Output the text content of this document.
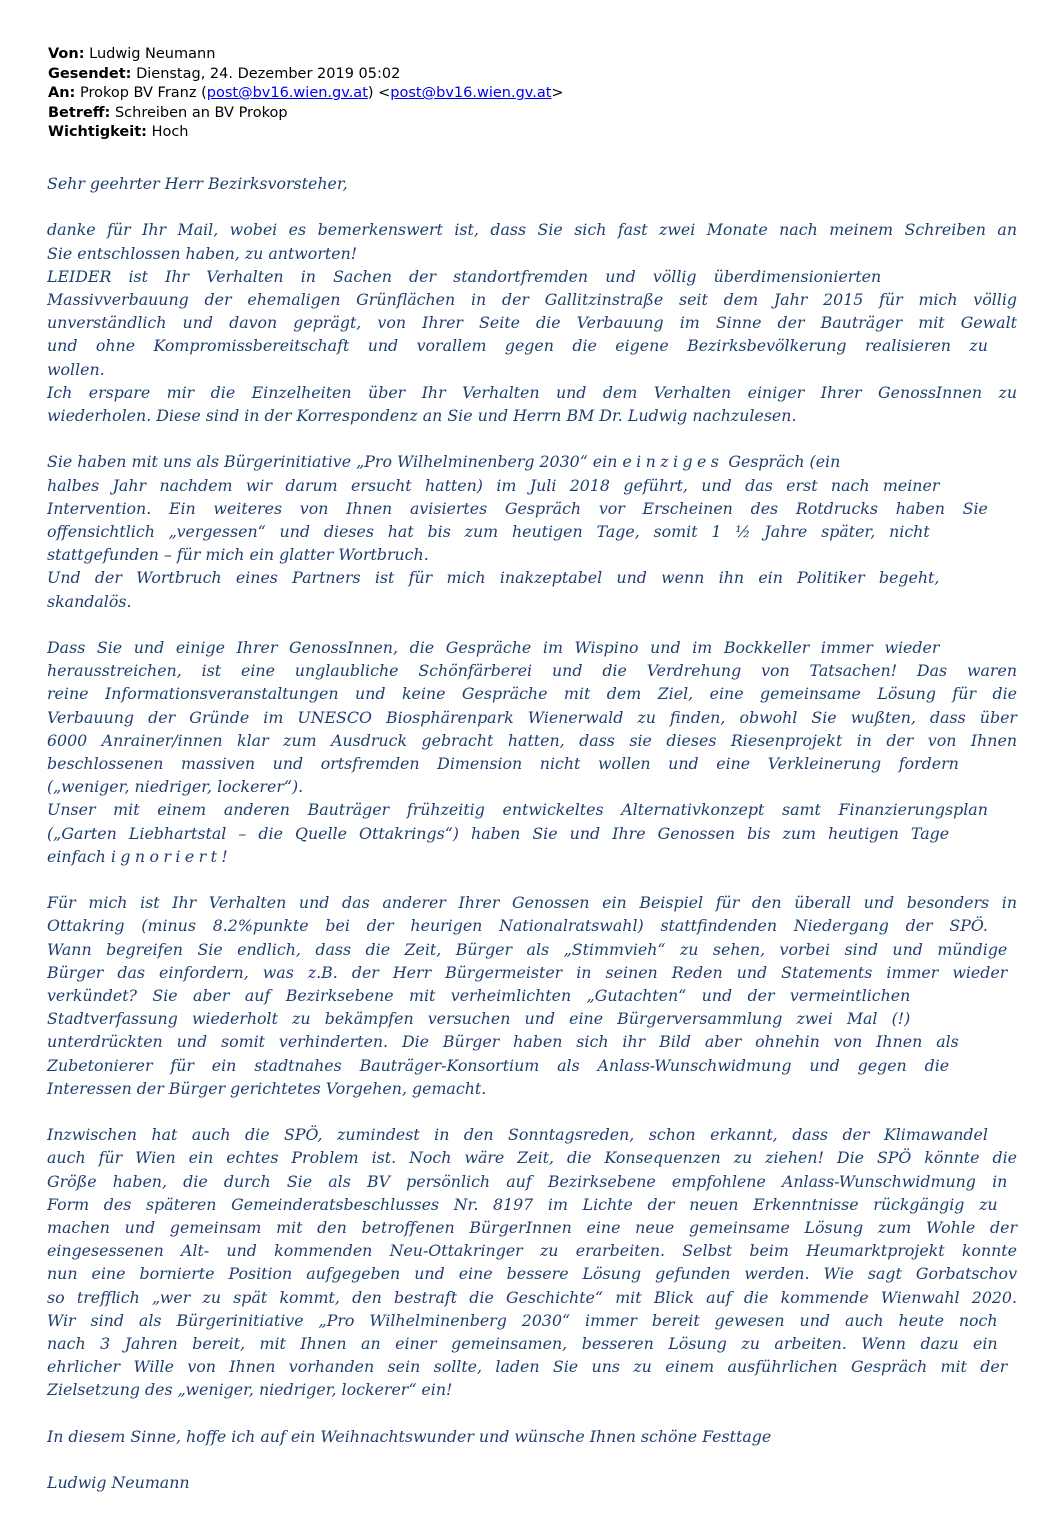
Von: Ludwig Neumann
Gesendet: Dienstag, 24. Dezember 2019 05:02
An: Prokop BV Franz (post@bv16.wien.gv.at) <post@bv16.wien.gv.at>
Betreff: Schreiben an BV Prokop
Wichtigkeit: Hoch

Sehr geehrter Herr Bezirksvorsteher,

danke für Ihr Mail, wobei es bemerkenswert ist, dass Sie sich fast zwei Monate nach meinem Schreiben an
Sie entschlossen haben, zu antworten!
LEIDER ist Ihr Verhalten in Sachen der standortfremden und völlig überdimensionierten
Massivverbauung der ehemaligen Grünflächen in der Gallitzinstraße seit dem Jahr 2015 für mich völlig
unverständlich und davon geprägt, von Ihrer Seite die Verbauung im Sinne der Bauträger mit Gewalt
und ohne Kompromissbereitschaft und vorallem gegen die eigene Bezirksbevölkerung realisieren zu
wollen.
Ich erspare mir die Einzelheiten über Ihr Verhalten und dem Verhalten einiger Ihrer GenossInnen zu
wiederholen. Diese sind in der Korrespondenz an Sie und Herrn BM Dr. Ludwig nachzulesen.

Sie haben mit uns als Bürgerinitiative „Pro Wilhelminenberg 2030“ ein einziges Gespräch (ein
halbes Jahr nachdem wir darum ersucht hatten) im Juli 2018 geführt, und das erst nach meiner
Intervention. Ein weiteres von Ihnen avisiertes Gespräch vor Erscheinen des Rotdrucks haben Sie
offensichtlich „vergessen“ und dieses hat bis zum heutigen Tage, somit 1 ½ Jahre später, nicht
stattgefunden – für mich ein glatter Wortbruch.
Und der Wortbruch eines Partners ist für mich inakzeptabel und wenn ihn ein Politiker begeht,
skandalös.

Dass Sie und einige Ihrer GenossInnen, die Gespräche im Wispino und im Bockkeller immer wieder
herausstreichen, ist eine unglaubliche Schönfärberei und die Verdrehung von Tatsachen! Das waren
reine Informationsveranstaltungen und keine Gespräche mit dem Ziel, eine gemeinsame Lösung für die
Verbauung der Gründe im UNESCO Biosphärenpark Wienerwald zu finden, obwohl Sie wußten, dass über
6000 Anrainer/innen klar zum Ausdruck gebracht hatten, dass sie dieses Riesenprojekt in der von Ihnen
beschlossenen massiven und ortsfremden Dimension nicht wollen und eine Verkleinerung fordern
(„weniger, niedriger, lockerer“).
Unser mit einem anderen Bauträger frühzeitig entwickeltes Alternativkonzept samt Finanzierungsplan
(„Garten Liebhartstal – die Quelle Ottakrings“) haben Sie und Ihre Genossen bis zum heutigen Tage
einfach ignoriert!

Für mich ist Ihr Verhalten und das anderer Ihrer Genossen ein Beispiel für den überall und besonders in
Ottakring (minus 8.2%punkte bei der heurigen Nationalratswahl) stattfindenden Niedergang der SPÖ.
Wann begreifen Sie endlich, dass die Zeit, Bürger als „Stimmvieh“ zu sehen, vorbei sind und mündige
Bürger das einfordern, was z.B. der Herr Bürgermeister in seinen Reden und Statements immer wieder
verkündet? Sie aber auf Bezirksebene mit verheimlichten „Gutachten“ und der vermeintlichen
Stadtverfassung wiederholt zu bekämpfen versuchen und eine Bürgerversammlung zwei Mal (!)
unterdrückten und somit verhinderten. Die Bürger haben sich ihr Bild aber ohnehin von Ihnen als
Zubetonierer für ein stadtnahes Bauträger-Konsortium als Anlass-Wunschwidmung und gegen die
Interessen der Bürger gerichtetes Vorgehen, gemacht.

Inzwischen hat auch die SPÖ, zumindest in den Sonntagsreden, schon erkannt, dass der Klimawandel
auch für Wien ein echtes Problem ist. Noch wäre Zeit, die Konsequenzen zu ziehen! Die SPÖ könnte die
Größe haben, die durch Sie als BV persönlich auf Bezirksebene empfohlene Anlass-Wunschwidmung in
Form des späteren Gemeinderatsbeschlusses Nr. 8197 im Lichte der neuen Erkenntnisse rückgängig zu
machen und gemeinsam mit den betroffenen BürgerInnen eine neue gemeinsame Lösung zum Wohle der
eingesessenen Alt- und kommenden Neu-Ottakringer zu erarbeiten. Selbst beim Heumarktprojekt konnte
nun eine bornierte Position aufgegeben und eine bessere Lösung gefunden werden. Wie sagt Gorbatschov
so trefflich „wer zu spät kommt, den bestraft die Geschichte“ mit Blick auf die kommende Wienwahl 2020.
Wir sind als Bürgerinitiative „Pro Wilhelminenberg 2030“ immer bereit gewesen und auch heute noch
nach 3 Jahren bereit, mit Ihnen an einer gemeinsamen, besseren Lösung zu arbeiten. Wenn dazu ein
ehrlicher Wille von Ihnen vorhanden sein sollte, laden Sie uns zu einem ausführlichen Gespräch mit der
Zielsetzung des „weniger, niedriger, lockerer“ ein!

In diesem Sinne, hoffe ich auf ein Weihnachtswunder und wünsche Ihnen schöne Festtage

Ludwig Neumann
